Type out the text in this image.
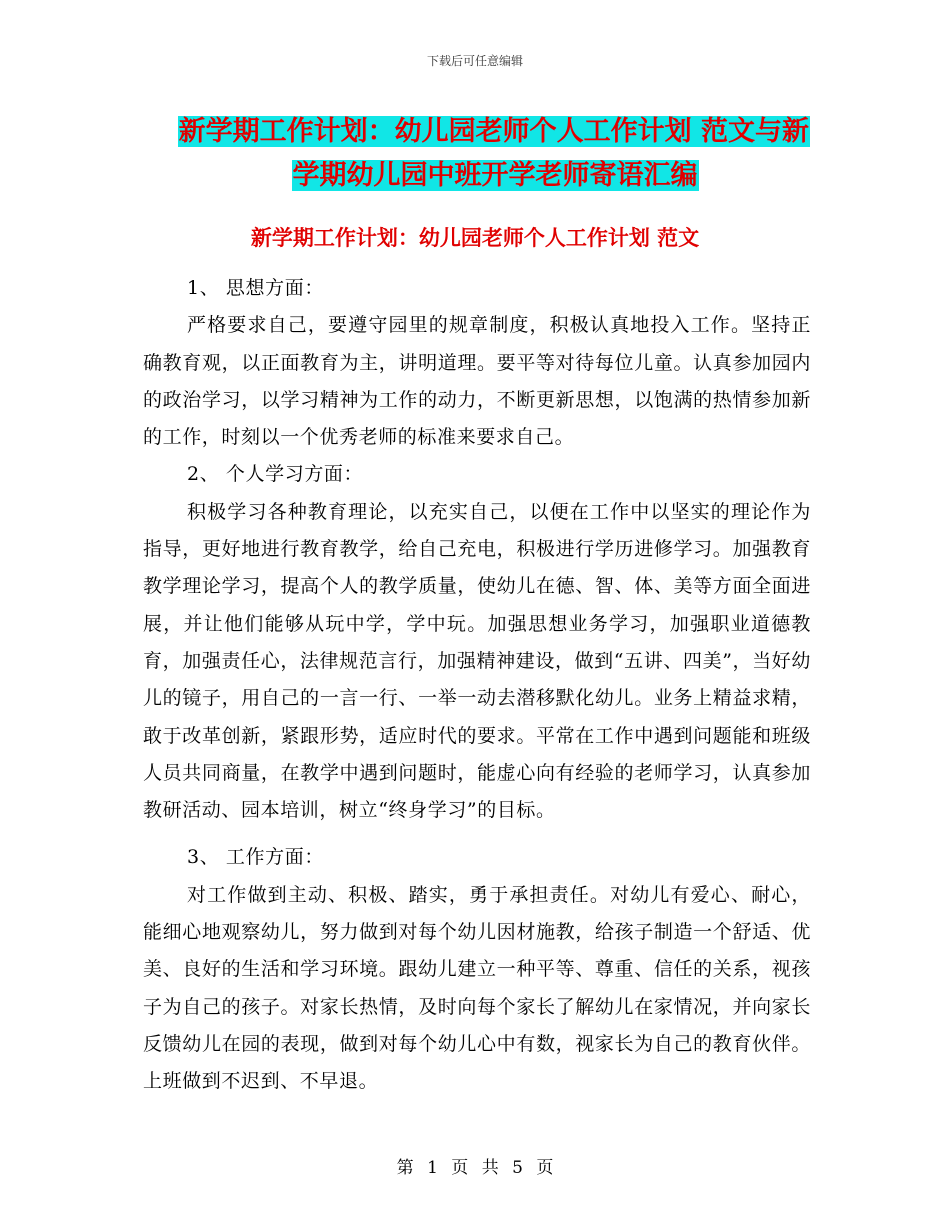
下载后可任意编辑
新学期工作计划：幼儿园老师个人工作计划 范文与新
学期幼儿园中班开学老师寄语汇编
新学期工作计划：幼儿园老师个人工作计划 范文
1、 思想方面：
严格要求自己，要遵守园里的规章制度，积极认真地投入工作。坚持正确教育观，以正面教育为主，讲明道理。要平等对待每位儿童。认真参加园内的政治学习，以学习精神为工作的动力，不断更新思想，以饱满的热情参加新的工作，时刻以一个优秀老师的标准来要求自己。
2、 个人学习方面：
积极学习各种教育理论，以充实自己，以便在工作中以坚实的理论作为指导，更好地进行教育教学，给自己充电，积极进行学历进修学习。加强教育教学理论学习，提高个人的教学质量，使幼儿在德、智、体、美等方面全面进展，并让他们能够从玩中学，学中玩。加强思想业务学习，加强职业道德教育，加强责任心，法律规范言行，加强精神建设，做到“五讲、四美”，当好幼儿的镜子，用自己的一言一行、一举一动去潜移默化幼儿。业务上精益求精，敢于改革创新，紧跟形势，适应时代的要求。平常在工作中遇到问题能和班级人员共同商量，在教学中遇到问题时，能虚心向有经验的老师学习，认真参加教研活动、园本培训，树立“终身学习”的目标。
3、 工作方面：
对工作做到主动、积极、踏实，勇于承担责任。对幼儿有爱心、耐心，能细心地观察幼儿，努力做到对每个幼儿因材施教，给孩子制造一个舒适、优美、良好的生活和学习环境。跟幼儿建立一种平等、尊重、信任的关系，视孩子为自己的孩子。对家长热情，及时向每个家长了解幼儿在家情况，并向家长反馈幼儿在园的表现，做到对每个幼儿心中有数，视家长为自己的教育伙伴。上班做到不迟到、不早退。
第 1 页 共 5 页
